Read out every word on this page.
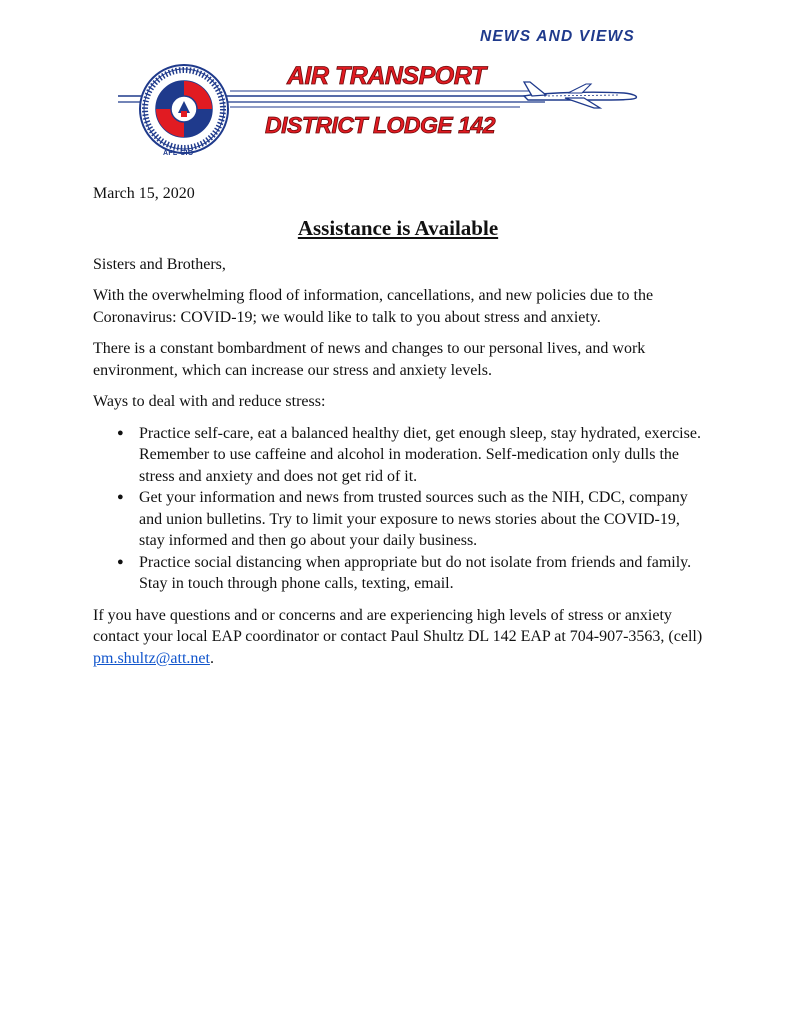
NEWS AND VIEWS
AFL-CIO
AIR TRANSPORT
DISTRICT LODGE 142

March 15, 2020

Assistance is Available

Sisters and Brothers,

With the overwhelming flood of information, cancellations, and new policies due to the Coronavirus: COVID-19; we would like to talk to you about stress and anxiety.

There is a constant bombardment of news and changes to our personal lives, and work environment, which can increase our stress and anxiety levels.

Ways to deal with and reduce stress:

● Practice self-care, eat a balanced healthy diet, get enough sleep, stay hydrated, exercise. Remember to use caffeine and alcohol in moderation. Self-medication only dulls the stress and anxiety and does not get rid of it.
● Get your information and news from trusted sources such as the NIH, CDC, company and union bulletins. Try to limit your exposure to news stories about the COVID-19, stay informed and then go about your daily business.
● Practice social distancing when appropriate but do not isolate from friends and family. Stay in touch through phone calls, texting, email.

If you have questions and or concerns and are experiencing high levels of stress or anxiety contact your local EAP coordinator or contact Paul Shultz DL 142 EAP at 704-907-3563, (cell) pm.shultz@att.net.
